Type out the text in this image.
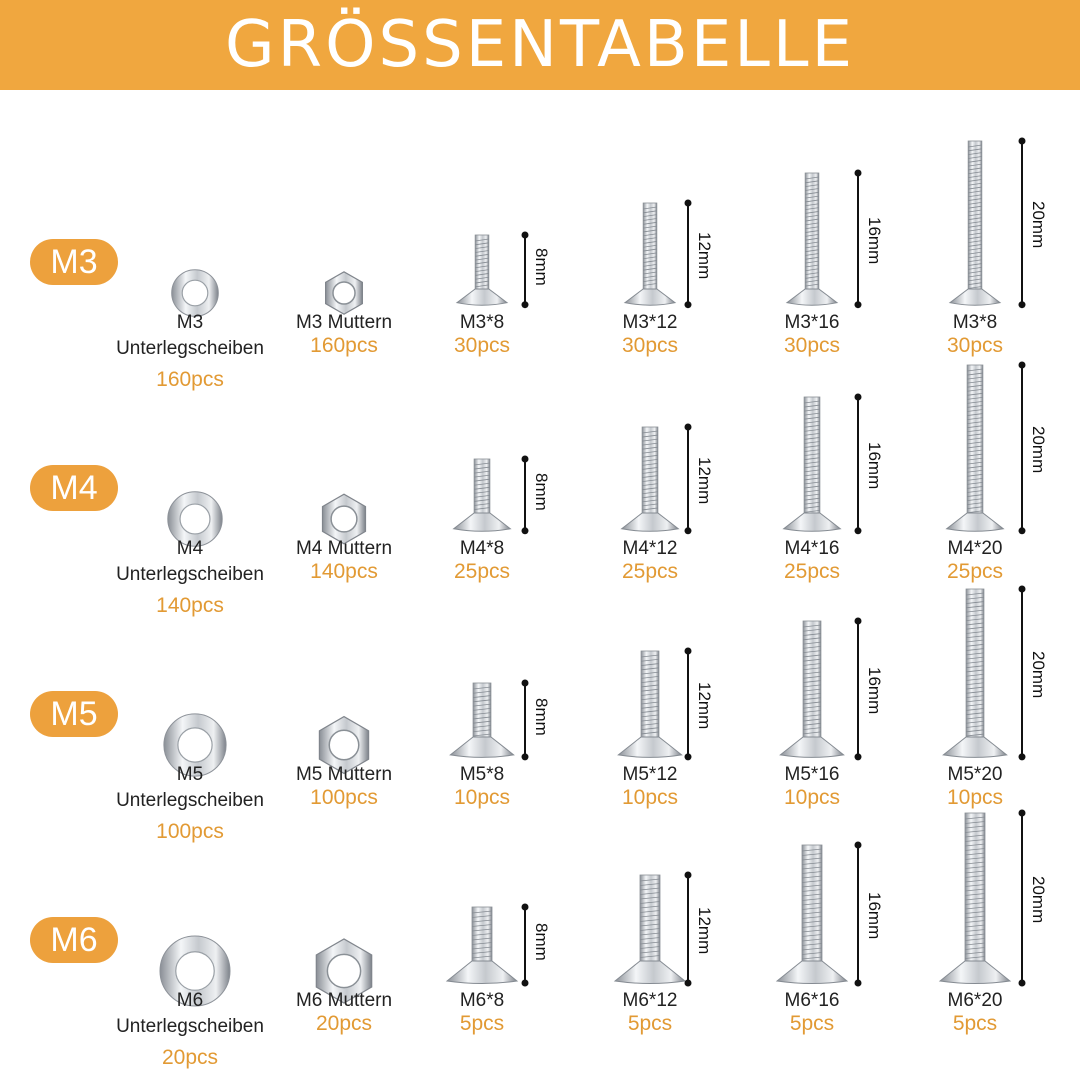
GRÖSSENTABELLE
M3
M3
Unterlegscheiben
160pcs
M3 Muttern
160pcs
8mm
M3*8
30pcs
12mm
M3*12
30pcs
16mm
M3*16
30pcs
20mm
M3*8
30pcs
M4
M4
Unterlegscheiben
140pcs
M4 Muttern
140pcs
8mm
M4*8
25pcs
12mm
M4*12
25pcs
16mm
M4*16
25pcs
20mm
M4*20
25pcs
M5
M5
Unterlegscheiben
100pcs
M5 Muttern
100pcs
8mm
M5*8
10pcs
12mm
M5*12
10pcs
16mm
M5*16
10pcs
20mm
M5*20
10pcs
M6
M6
Unterlegscheiben
20pcs
M6 Muttern
20pcs
8mm
M6*8
5pcs
12mm
M6*12
5pcs
16mm
M6*16
5pcs
20mm
M6*20
5pcs
